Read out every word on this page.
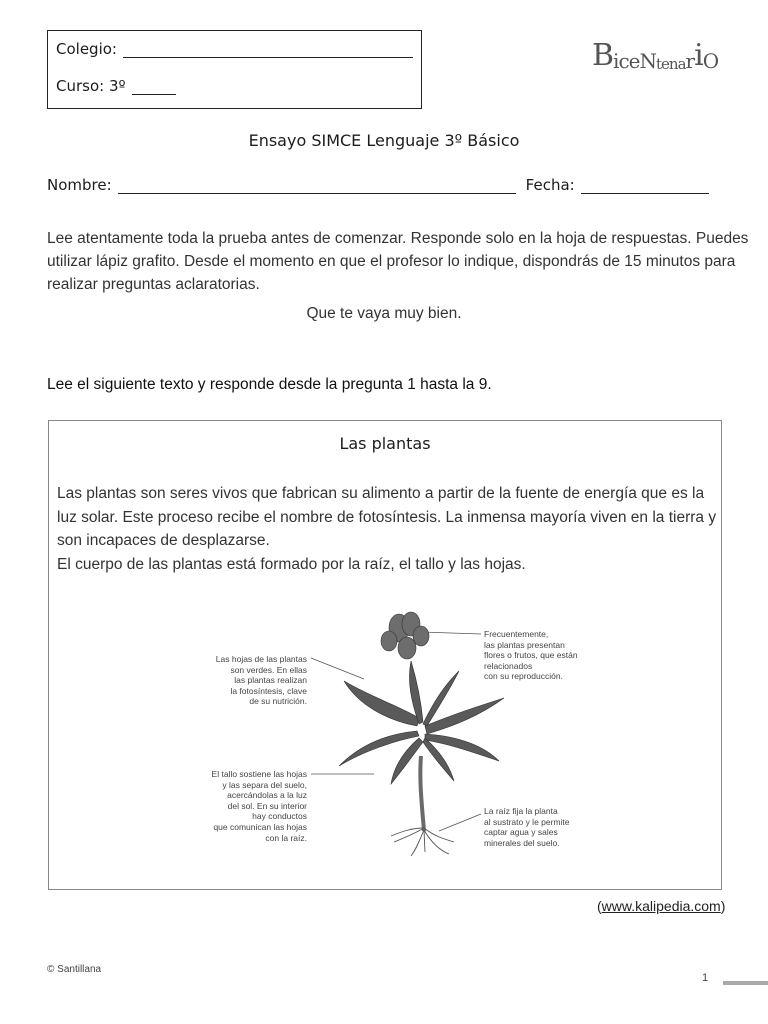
Colegio:
Curso: 3º
B i ce N tena r i O
Ensayo SIMCE Lenguaje 3º Básico
Nombre:	Fecha:
Lee atentamente toda la prueba antes de comenzar. Responde solo en la hoja de respuestas. Puedes utilizar lápiz grafito. Desde el momento en que el profesor lo indique, dispondrás de 15 minutos para realizar preguntas aclaratorias.
Que te vaya muy bien.
Lee el siguiente texto y responde desde la pregunta 1 hasta la 9.
Las plantas

Las plantas son seres vivos que fabrican su alimento a partir de la fuente de energía que es la luz solar. Este proceso recibe el nombre de fotosíntesis. La inmensa mayoría viven en la tierra y son incapaces de desplazarse.

El cuerpo de las plantas está formado por la raíz, el tallo y las hojas.

Las hojas de las plantas
son verdes. En ellas
las plantas realizan
la fotosíntesis, clave
de su nutrición.
El tallo sostiene las hojas
y las separa del suelo,
acercándolas a la luz
del sol. En su interior
hay conductos
que comunican las hojas
con la raíz.
Frecuentemente,
las plantas presentan
flores o frutos, que están
relacionados
con su reproducción.
La raíz fija la planta
al sustrato y le permite
captar agua y sales
minerales del suelo.
(www.kalipedia.com)
© Santillana
1
